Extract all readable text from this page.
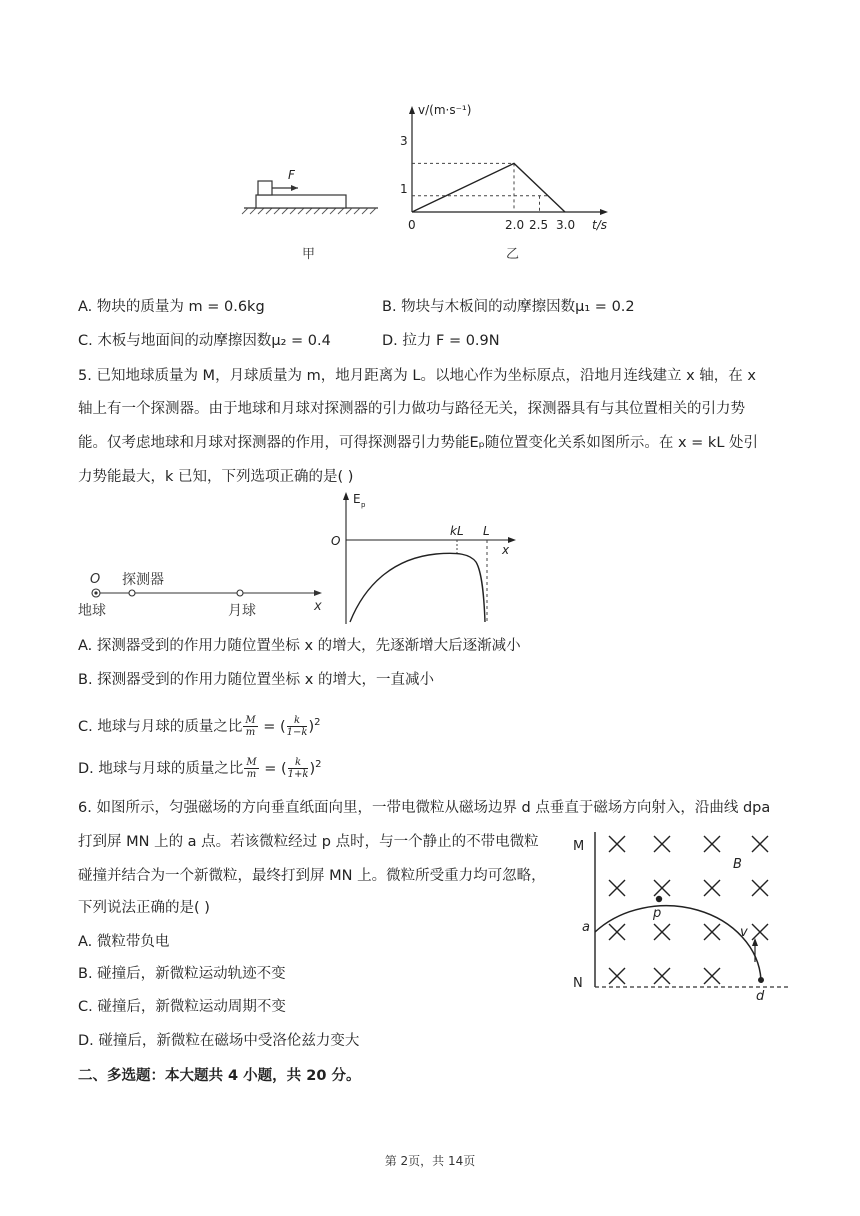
F
甲
v/(m·s⁻¹)
t/s
3
1
0	2.0 2.5 3.0
乙
A. 物块的质量为 m = 0.6kg	B. 物块与木板间的动摩擦因数μ₁ = 0.2
C. 木板与地面间的动摩擦因数μ₂ = 0.4	D. 拉力 F = 0.9N
5. 已知地球质量为 M，月球质量为 m，地月距离为 L。以地心作为坐标原点，沿地月连线建立 x 轴，在 x
轴上有一个探测器。由于地球和月球对探测器的引力做功与路径无关，探测器具有与其位置相关的引力势
能。仅考虑地球和月球对探测器的作用，可得探测器引力势能Eₚ随位置变化关系如图所示。在 x = kL 处引
力势能最大，k 已知，下列选项正确的是( )
O 探测器
地球	月球	x
E p
O
x
kL L
A. 探测器受到的作用力随位置坐标 x 的增大，先逐渐增大后逐渐减小
B. 探测器受到的作用力随位置坐标 x 的增大，一直减小
C. 地球与月球的质量之比 $\frac{M}{m}$ = ( $\frac{k}{1-k} )^2$
D. 地球与月球的质量之比 $\frac{M}{m}$ = ( $\frac{k}{1+k} )^2$
6. 如图所示，匀强磁场的方向垂直纸面向里，一带电微粒从磁场边界 d 点垂直于磁场方向射入，沿曲线 dpa
打到屏 MN 上的 a 点。若该微粒经过 p 点时，与一个静止的不带电微粒
碰撞并结合为一个新微粒，最终打到屏 MN 上。微粒所受重力均可忽略，
下列说法正确的是( )
A. 微粒带负电
B. 碰撞后，新微粒运动轨迹不变
C. 碰撞后，新微粒运动周期不变
D. 碰撞后，新微粒在磁场中受洛伦兹力变大
M
N
B
a
p
v
d
二、多选题：本大题共 4 小题，共 20 分。
第 2页，共 14页
